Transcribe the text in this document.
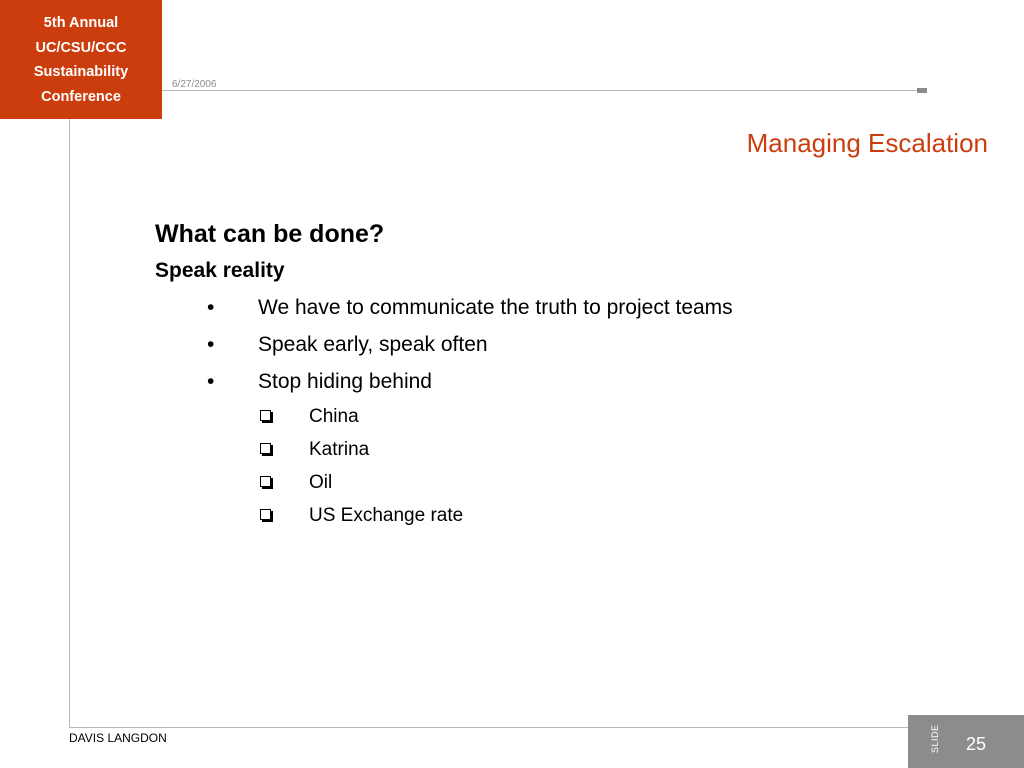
5th Annual
UC/CSU/CCC
Sustainability
Conference
6/27/2006
Managing Escalation

What can be done?

Speak reality

• We have to communicate the truth to project teams
• Speak early, speak often
• Stop hiding behind
China
Katrina
Oil
US Exchange rate
DAVIS LANGDON	SLIDE 25
